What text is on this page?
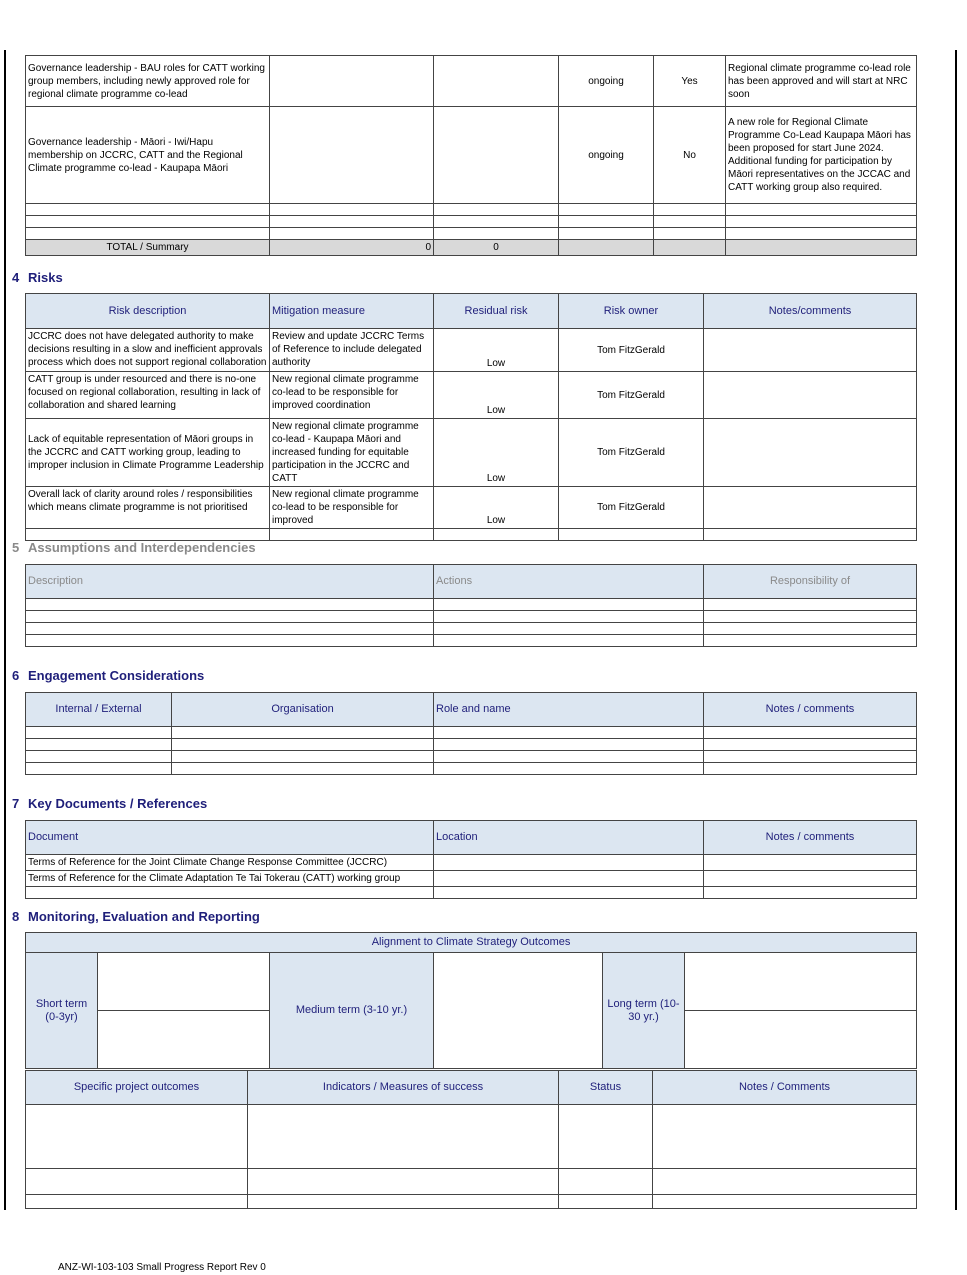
Governance leadership - BAU roles for CATT working group members, including newly approved role for regional climate programme co-lead			ongoing	Yes	Regional climate programme co-lead role has been approved and will start at NRC soon
Governance leadership - Māori - Iwi/Hapu membership on JCCRC, CATT and the Regional Climate programme co-lead - Kaupapa Māori			ongoing	No	A new role for Regional Climate Programme Co-Lead Kaupapa Māori has been proposed for start June 2024. Additional funding for participation by Māori representatives on the JCCAC and CATT working group also required.

TOTAL / Summary	0	0			
4 Risks
Risk description	Mitigation measure	Residual risk	Risk owner	Notes/comments
JCCRC does not have delegated authority to make decisions resulting in a slow and inefficient approvals process which does not support regional collaboration	Review and update JCCRC Terms of Reference to include delegated authority	Low	Tom FitzGerald	
CATT group is under resourced and there is no-one focused on regional collaboration, resulting in lack of collaboration and shared learning	New regional climate programme co-lead to be responsible for improved coordination	Low	Tom FitzGerald	
Lack of equitable representation of Māori groups in the JCCRC and CATT working group, leading to improper inclusion in Climate Programme Leadership	New regional climate programme co-lead - Kaupapa Māori and increased funding for equitable participation in the JCCRC and CATT	Low	Tom FitzGerald	
Overall lack of clarity around roles / responsibilities which means climate programme is not prioritised	New regional climate programme co-lead to be responsible for improved	Low	Tom FitzGerald	

5 Assumptions and Interdependencies
Description	Actions	Responsibility of

6 Engagement Considerations
Internal / External	Organisation	Role and name	Notes / comments

7 Key Documents / References
Document	Location	Notes / comments
Terms of Reference for the Joint Climate Change Response Committee (JCCRC)		
Terms of Reference for the Climate Adaptation Te Tai Tokerau (CATT) working group		

8 Monitoring, Evaluation and Reporting
Alignment to Climate Strategy Outcomes					
Short term (0-3yr)		Medium term (3-10 yr.)		Long term (10-30 yr.)	

Specific project outcomes	Indicators / Measures of success	Status	Notes / Comments

ANZ-WI-103-103 Small Progress Report Rev 0
